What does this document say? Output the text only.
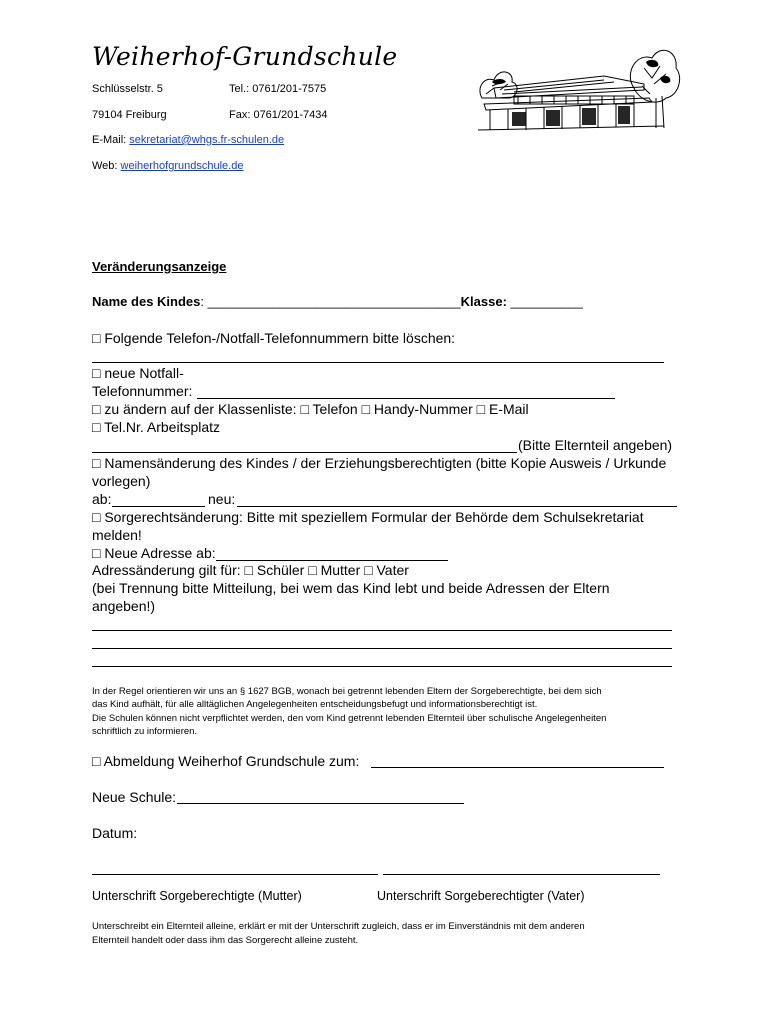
Weiherhof-Grundschule
Schlüsselstr. 5	Tel.: 0761/201-7575
79104 Freiburg	Fax: 0761/201-7434
E-Mail: sekretariat@whgs.fr-schulen.de
Web: weiherhofgrundschule.de
Veränderungsanzeige
Name des Kindes: ___________________________________Klasse: __________
□ Folgende Telefon-/Notfall-Telefonnummern bitte löschen:
□ neue Notfall-
Telefonnummer:
□ zu ändern auf der Klassenliste: □ Telefon □ Handy-Nummer □ E-Mail
□ Tel.Nr. Arbeitsplatz
(Bitte Elternteil angeben)
□ Namensänderung des Kindes / der Erziehungsberechtigten (bitte Kopie Ausweis / Urkunde
vorlegen)
ab:	neu:
□ Sorgerechtsänderung: Bitte mit speziellem Formular der Behörde dem Schulsekretariat
melden!
□ Neue Adresse ab:
Adressänderung gilt für: □ Schüler □ Mutter □ Vater
(bei Trennung bitte Mitteilung, bei wem das Kind lebt und beide Adressen der Eltern
angeben!)
In der Regel orientieren wir uns an § 1627 BGB, wonach bei getrennt lebenden Eltern der Sorgeberechtigte, bei dem sich
das Kind aufhält, für alle alltäglichen Angelegenheiten entscheidungsbefugt und informationsberechtigt ist.
Die Schulen können nicht verpflichtet werden, den vom Kind getrennt lebenden Elternteil über schulische Angelegenheiten
schriftlich zu informieren.
□ Abmeldung Weiherhof Grundschule zum:
Neue Schule:
Datum:
Unterschrift Sorgeberechtigte (Mutter)	Unterschrift Sorgeberechtigter (Vater)
Unterschreibt ein Elternteil alleine, erklärt er mit der Unterschrift zugleich, dass er im Einverständnis mit dem anderen
Elternteil handelt oder dass ihm das Sorgerecht alleine zusteht.
